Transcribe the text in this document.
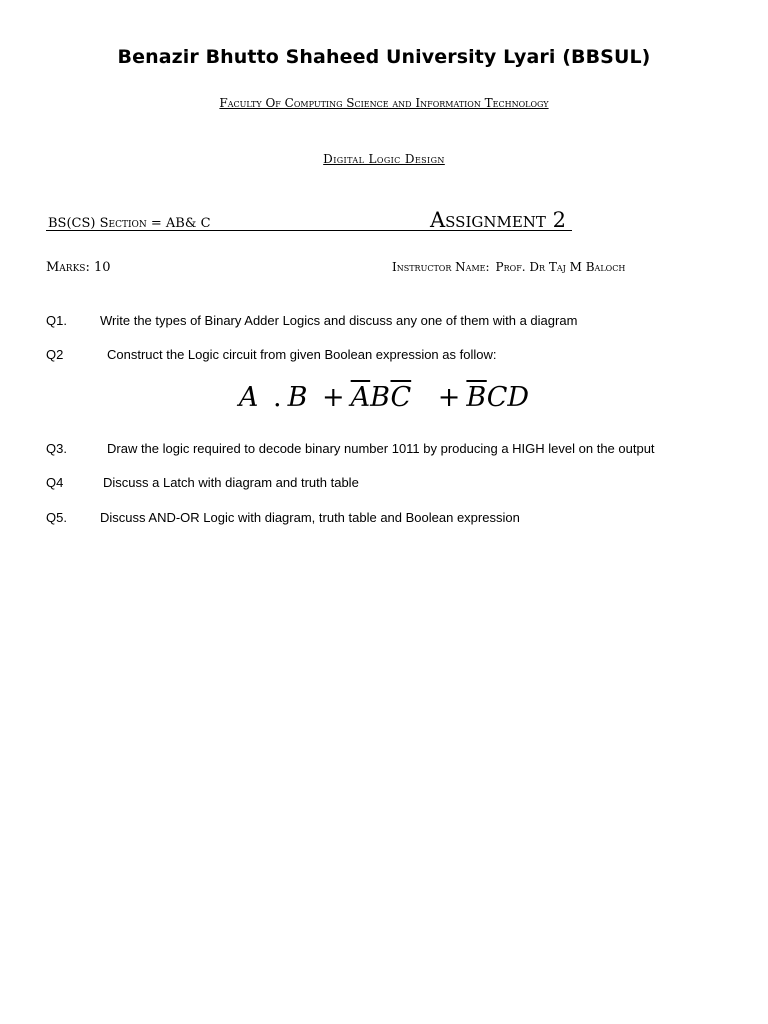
Benazir Bhutto Shaheed University Lyari (BBSUL)
Faculty Of Computing Science and Information Technology
Digital Logic Design
BS(CS) Section = AB& C	Assignment 2
Marks: 10	Instructor Name: Prof. Dr Taj M Baloch
Q1.	Write the types of Binary Adder Logics and discuss any one of them with a diagram
Q2	Construct the Logic circuit from given Boolean expression as follow:
A . $B + \overline{A}B\overline{C} + \overline{B}CD$
Q3.	Draw the logic required to decode binary number 1011 by producing a HIGH level on the output
Q4	Discuss a Latch with diagram and truth table
Q5.	Discuss AND-OR Logic with diagram, truth table and Boolean expression
